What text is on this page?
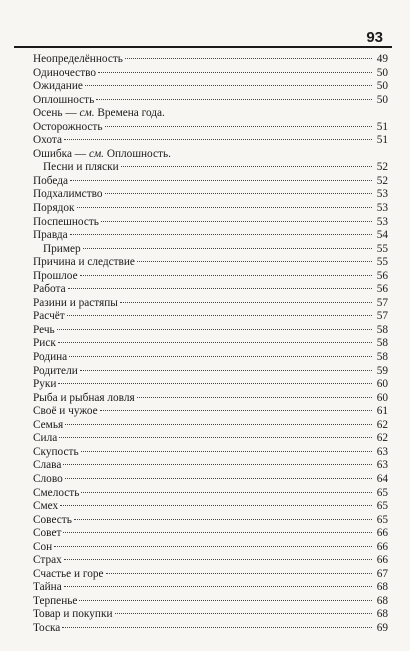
93
Неопределённость	49
Одиночество	50
Ожидание	50
Оплошность	50
Осень — см. Времена года.
Осторожность	51
Охота	51
Ошибка — см. Оплошность.
Песни и пляски	52
Победа	52
Подхалимство	53
Порядок	53
Поспешность	53
Правда	54
Пример	55
Причина и следствие	55
Прошлое	56
Работа	56
Разини и растяпы	57
Расчёт	57
Речь	58
Риск	58
Родина	58
Родители	59
Руки	60
Рыба и рыбная ловля	60
Своё и чужое	61
Семья	62
Сила	62
Скупость	63
Слава	63
Слово	64
Смелость	65
Смех	65
Совесть	65
Совет	66
Сон	66
Страх	66
Счастье и горе	67
Тайна	68
Терпенье	68
Товар и покупки	68
Тоска	69
